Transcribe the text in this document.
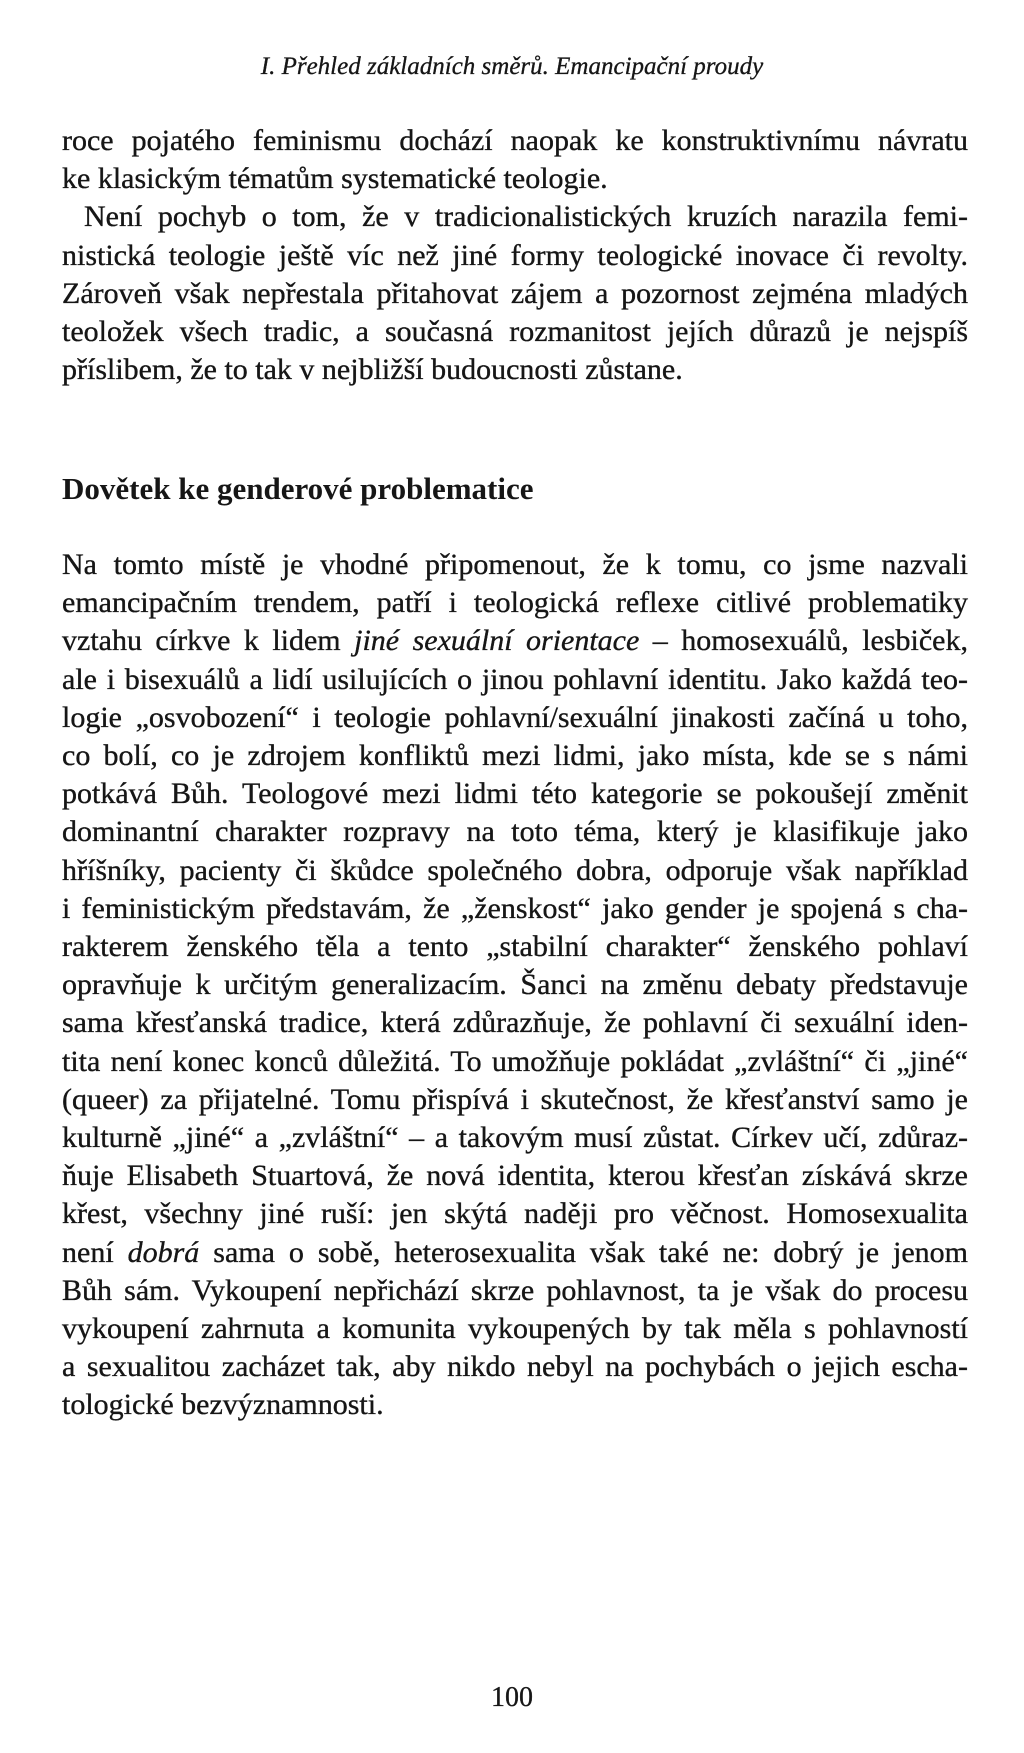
I. Přehled základních směrů. Emancipační proudy
roce pojatého feminismu dochází naopak ke konstruktivnímu návratu
ke klasickým tématům systematické teologie.
Není pochyb o tom, že v tradicionalistických kruzích narazila femi-
nistická teologie ještě víc než jiné formy teologické inovace či revolty.
Zároveň však nepřestala přitahovat zájem a pozornost zejména mladých
teoložek všech tradic, a současná rozmanitost jejích důrazů je nejspíš
příslibem, že to tak v nejbližší budoucnosti zůstane.
Dovětek ke genderové problematice
Na tomto místě je vhodné připomenout, že k tomu, co jsme nazvali
emancipačním trendem, patří i teologická reflexe citlivé problematiky
vztahu církve k lidem jiné sexuální orientace – homosexuálů, lesbiček,
ale i bisexuálů a lidí usilujících o jinou pohlavní identitu. Jako každá teo-
logie „osvobození“ i teologie pohlavní/sexuální jinakosti začíná u toho,
co bolí, co je zdrojem konfliktů mezi lidmi, jako místa, kde se s námi
potkává Bůh. Teologové mezi lidmi této kategorie se pokoušejí změnit
dominantní charakter rozpravy na toto téma, který je klasifikuje jako
hříšníky, pacienty či škůdce společného dobra, odporuje však například
i feministickým představám, že „ženskost“ jako gender je spojená s cha-
rakterem ženského těla a tento „stabilní charakter“ ženského pohlaví
opravňuje k určitým generalizacím. Šanci na změnu debaty představuje
sama křesťanská tradice, která zdůrazňuje, že pohlavní či sexuální iden-
tita není konec konců důležitá. To umožňuje pokládat „zvláštní“ či „jiné“
(queer) za přijatelné. Tomu přispívá i skutečnost, že křesťanství samo je
kulturně „jiné“ a „zvláštní“ – a takovým musí zůstat. Církev učí, zdůraz-
ňuje Elisabeth Stuartová, že nová identita, kterou křesťan získává skrze
křest, všechny jiné ruší: jen skýtá naději pro věčnost. Homosexualita
není dobrá sama o sobě, heterosexualita však také ne: dobrý je jenom
Bůh sám. Vykoupení nepřichází skrze pohlavnost, ta je však do procesu
vykoupení zahrnuta a komunita vykoupených by tak měla s pohlavností
a sexualitou zacházet tak, aby nikdo nebyl na pochybách o jejich escha-
tologické bezvýznamnosti.
100
